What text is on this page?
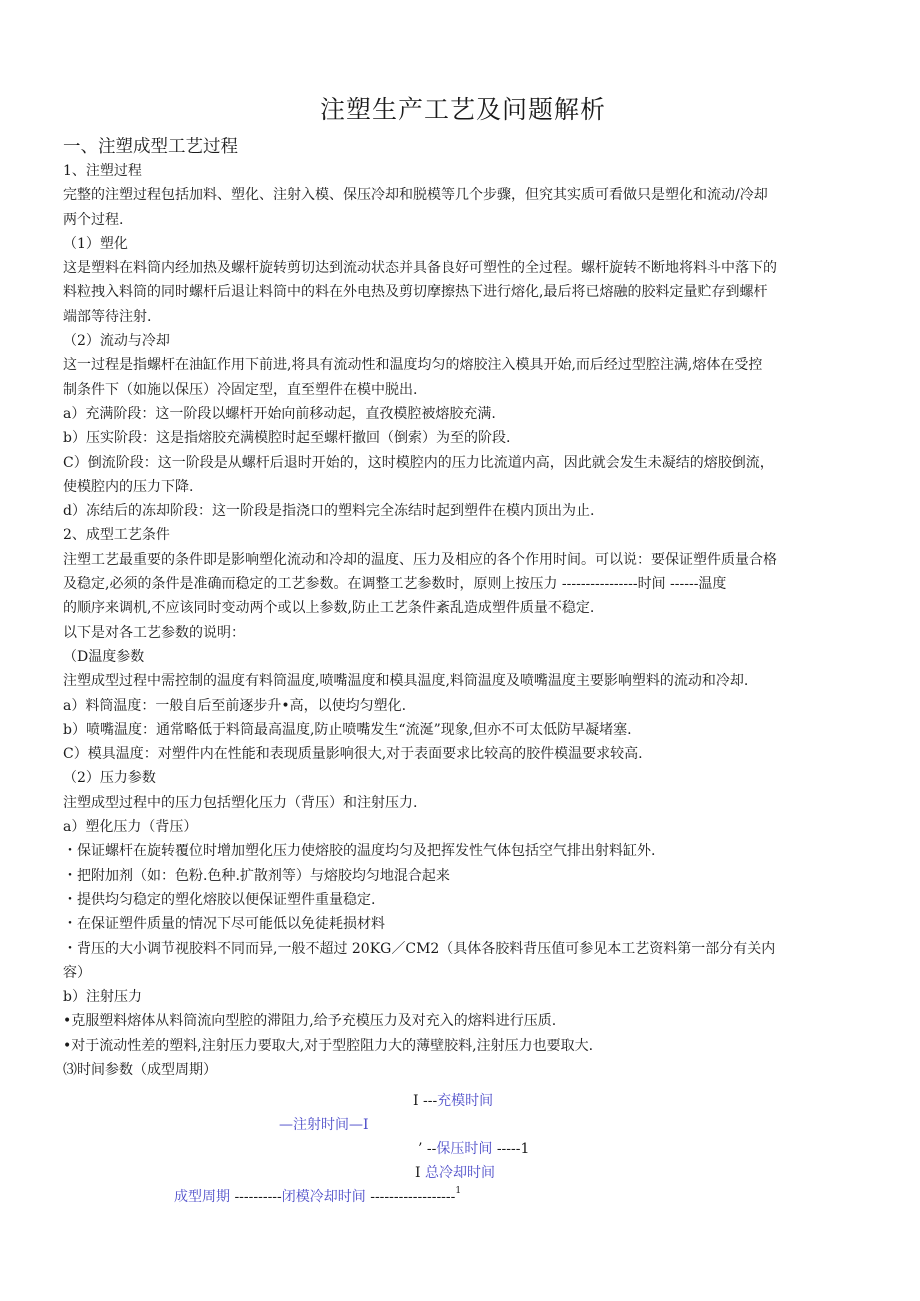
注塑生产工艺及问题解析
一、注塑成型工艺过程
1、注塑过程
完整的注塑过程包括加料、塑化、注射入模、保压冷却和脱模等几个步骤，但究其实质可看做只是塑化和流动/冷却
两个过程.
（1）塑化
这是塑料在料筒内经加热及螺杆旋转剪切达到流动状态并具备良好可塑性的全过程。螺杆旋转不断地将料斗中落下的
料粒拽入料筒的同时螺杆后退让料筒中的料在外电热及剪切摩擦热下进行熔化,最后将已熔融的胶料定量贮存到螺杆
端部等待注射.
（2）流动与冷却
这一过程是指螺杆在油缸作用下前进,将具有流动性和温度均匀的熔胶注入模具开始,而后经过型腔注满,熔体在受控
制条件下（如施以保压）冷固定型，直至塑件在模中脱出.
a）充满阶段：这一阶段以螺杆开始向前移动起，直孜模腔被熔胶充满.
b）压实阶段：这是指熔胶充满模腔时起至螺杆撤回（倒索）为至的阶段.
C）倒流阶段：这一阶段是从螺杆后退时开始的，这时模腔内的压力比流道内高，因此就会发生未凝结的熔胶倒流，
使模腔内的压力下降.
d）冻结后的冻却阶段：这一阶段是指浇口的塑料完全冻结时起到塑件在模内顶出为止.
2、成型工艺条件
注塑工艺最重要的条件即是影响塑化流动和冷却的温度、压力及相应的各个作用时间。可以说：要保证塑件质量合格
及稳定,必须的条件是准确而稳定的工艺参数。在调整工艺参数时，原则上按压力 ----------------时间 ------温度
的顺序来调机,不应该同时变动两个或以上参数,防止工艺条件紊乱造成塑件质量不稳定.
以下是对各工艺参数的说明：
（D温度参数
注塑成型过程中需控制的温度有料筒温度,喷嘴温度和模具温度,料筒温度及喷嘴温度主要影响塑料的流动和冷却.
a）料筒温度：一般自后至前逐步升•高，以使均匀塑化.
b）喷嘴温度：通常略低于料筒最高温度,防止喷嘴发生“流涎”现象,但亦不可太低防早凝堵塞.
C）模具温度：对塑件内在性能和表现质量影响很大,对于表面要求比较高的胶件模温要求较高.
（2）压力参数
注塑成型过程中的压力包括塑化压力（背压）和注射压力.
a）塑化压力（背压）
・保证螺杆在旋转覆位时增加塑化压力使熔胶的温度均匀及把挥发性气体包括空气排出射料缸外.
・把附加剂（如：色粉.色种.扩散剂等）与熔胶均匀地混合起来
・提供均匀稳定的塑化熔胶以便保证塑件重量稳定.
・在保证塑件质量的情况下尽可能低以免徒耗损材料
・背压的大小调节视胶料不同而异,一般不超过 20KG／CM2（具体各胶料背压值可参见本工艺资料第一部分有关内
容）
b）注射压力
•克服塑料熔体从料筒流向型腔的滞阻力,给予充模压力及对充入的熔料进行压质.
•对于流动性差的塑料,注射压力要取大,对于型腔阻力大的薄壁胶料,注射压力也要取大.
⑶时间参数（成型周期）
I ---充模时间
—注射时间—I
’ --保压时间 -----1
I 总冷却时间
成型周期 ----------闭模冷却时间 ------------------$^1$
